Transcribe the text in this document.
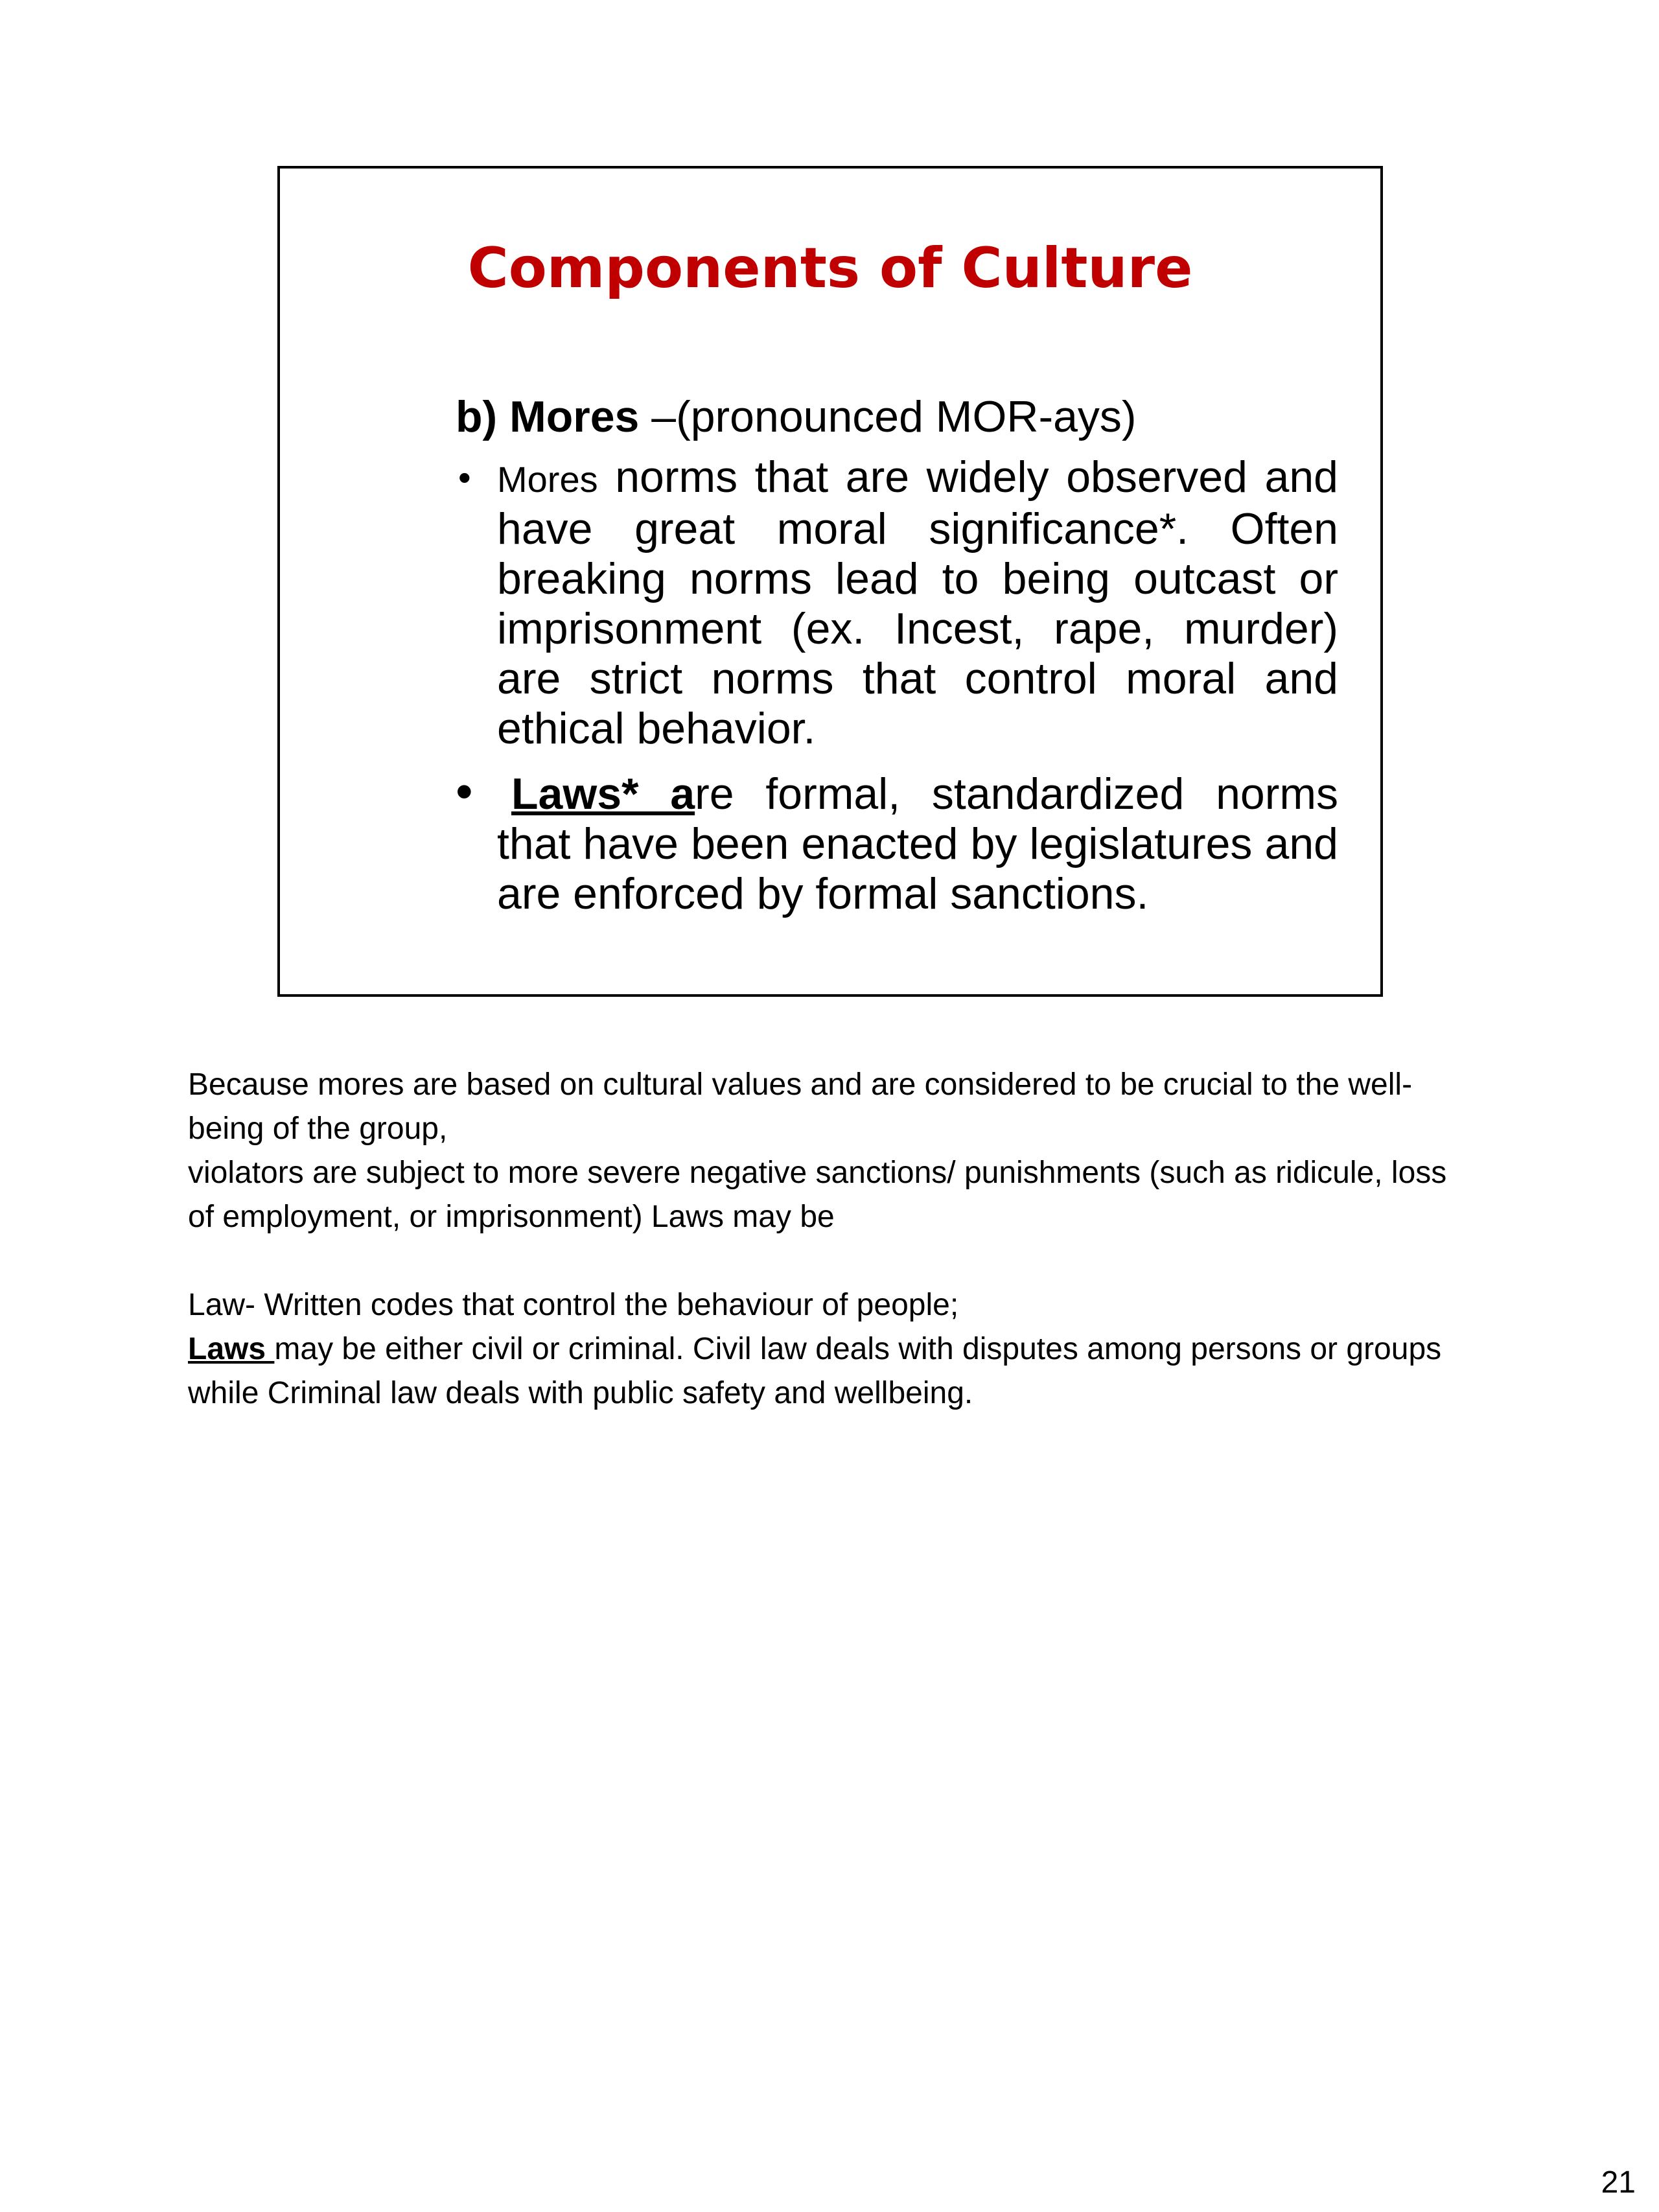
Components of Culture
b) Mores –(pronounced MOR-ays)
• Mores norms that are widely observed and have great moral significance*. Often breaking norms lead to being outcast or imprisonment (ex. Incest, rape, murder) are strict norms that control moral and ethical behavior.
• Laws* are formal, standardized norms that have been enacted by legislatures and are enforced by formal sanctions.

Because mores are based on cultural values and are considered to be crucial to the well-being of the group,

violators are subject to more severe negative sanctions/ punishments (such as ridicule, loss of employment, or imprisonment) Laws may be

Law- Written codes that control the behaviour of people;

Laws may be either civil or criminal. Civil law deals with disputes among persons or groups while Criminal law deals with public safety and wellbeing.

21
